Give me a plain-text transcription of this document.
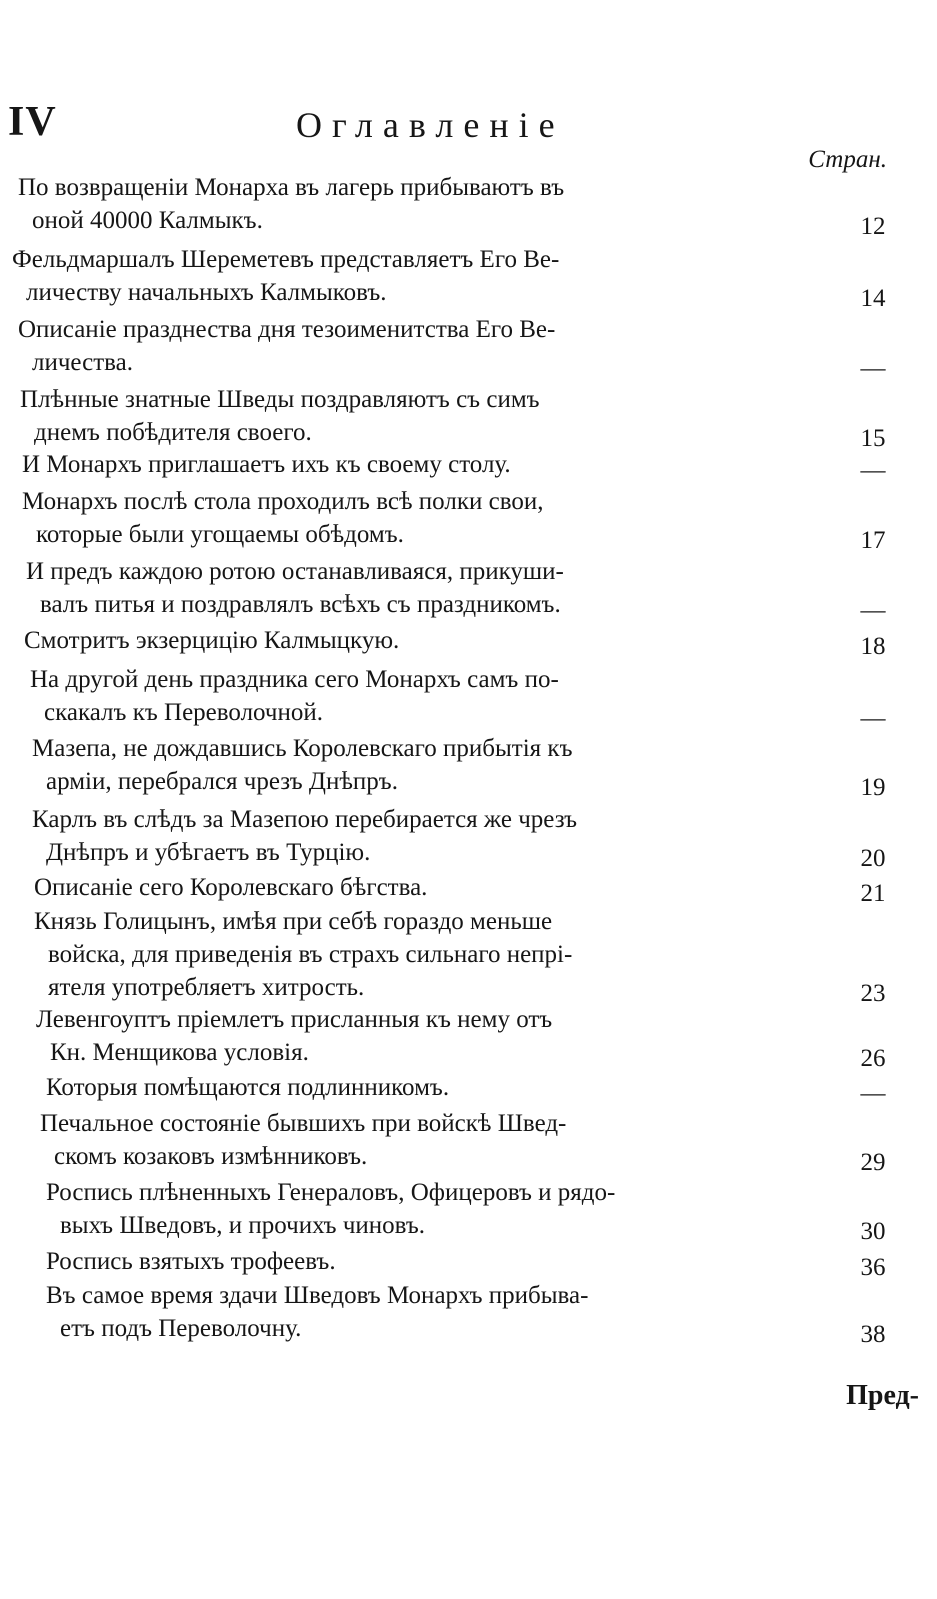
IV	Оглавленіе
Стран.
По возвращеніи Монарха въ лагерь прибываютъ въ
оной 40000 Калмыкъ.	12
Фельдмаршалъ Шереметевъ представляетъ Его Ве-
личеству начальныхъ Калмыковъ.	14
Описаніе празднества дня тезоименитства Его Ве-
личества.	—
Плѣнные знатные Шведы поздравляютъ съ симъ
днемъ побѣдителя своего.	15
И Монархъ приглашаетъ ихъ къ своему столу.	—
Монархъ послѣ стола проходилъ всѣ полки свои,
которые были угощаемы обѣдомъ.	17
И предъ каждою ротою останавливаяся, прикуши-
валъ питья и поздравлялъ всѣхъ съ праздникомъ.	—
Смотритъ экзерцицію Калмыцкую.	18
На другой день праздника сего Монархъ самъ по-
скакалъ къ Переволочной.	—
Мазепа, не дождавшись Королевскаго прибытія къ
арміи, перебрался чрезъ Днѣпръ.	19
Карлъ въ слѣдъ за Мазепою перебирается же чрезъ
Днѣпръ и убѣгаетъ въ Турцію.	20
Описаніе сего Королевскаго бѣгства.	21
Князь Голицынъ, имѣя при себѣ гораздо меньше
войска, для приведенія въ страхъ сильнаго непрі-
ятеля употребляетъ хитрость.	23
Левенгоуптъ пріемлетъ присланныя къ нему отъ
Кн. Менщикова условія.	26
Которыя помѣщаются подлинникомъ.	—
Печальное состояніе бывшихъ при войскѣ Швед-
скомъ козаковъ измѣнниковъ.	29
Роспись плѣненныхъ Генераловъ, Офицеровъ и рядо-
выхъ Шведовъ, и прочихъ чиновъ.	30
Роспись взятыхъ трофеевъ.	36
Въ самое время здачи Шведовъ Монархъ прибыва-
етъ подъ Переволочну.	38
Пред-
